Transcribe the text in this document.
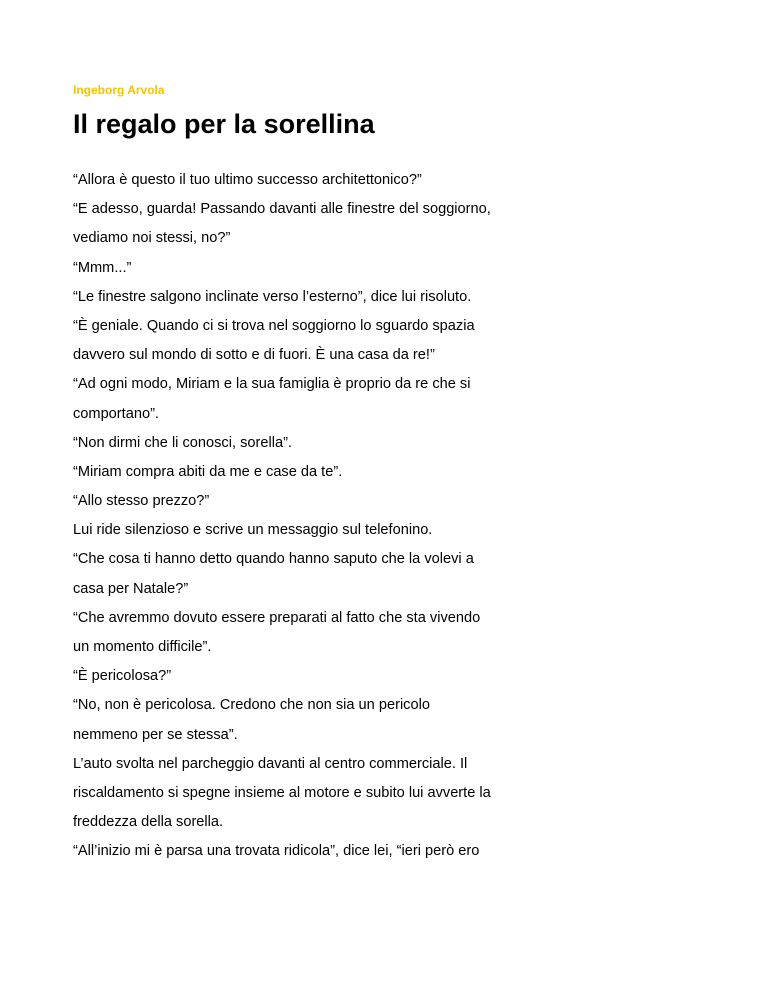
Ingeborg Arvola
Il regalo per la sorellina
“Allora è questo il tuo ultimo successo architettonico?”
“E adesso, guarda! Passando davanti alle finestre del soggiorno,
vediamo noi stessi, no?”
“Mmm...”
“Le finestre salgono inclinate verso l’esterno”, dice lui risoluto.
“È geniale. Quando ci si trova nel soggiorno lo sguardo spazia
davvero sul mondo di sotto e di fuori. È una casa da re!”
“Ad ogni modo, Miriam e la sua famiglia è proprio da re che si
comportano”.
“Non dirmi che li conosci, sorella”.
“Miriam compra abiti da me e case da te”.
“Allo stesso prezzo?”
Lui ride silenzioso e scrive un messaggio sul telefonino.
“Che cosa ti hanno detto quando hanno saputo che la volevi a
casa per Natale?”
“Che avremmo dovuto essere preparati al fatto che sta vivendo
un momento difficile”.
“È pericolosa?”
“No, non è pericolosa. Credono che non sia un pericolo
nemmeno per se stessa”.
L’auto svolta nel parcheggio davanti al centro commerciale. Il
riscaldamento si spegne insieme al motore e subito lui avverte la
freddezza della sorella.
“All’inizio mi è parsa una trovata ridicola”, dice lei, “ieri però ero
